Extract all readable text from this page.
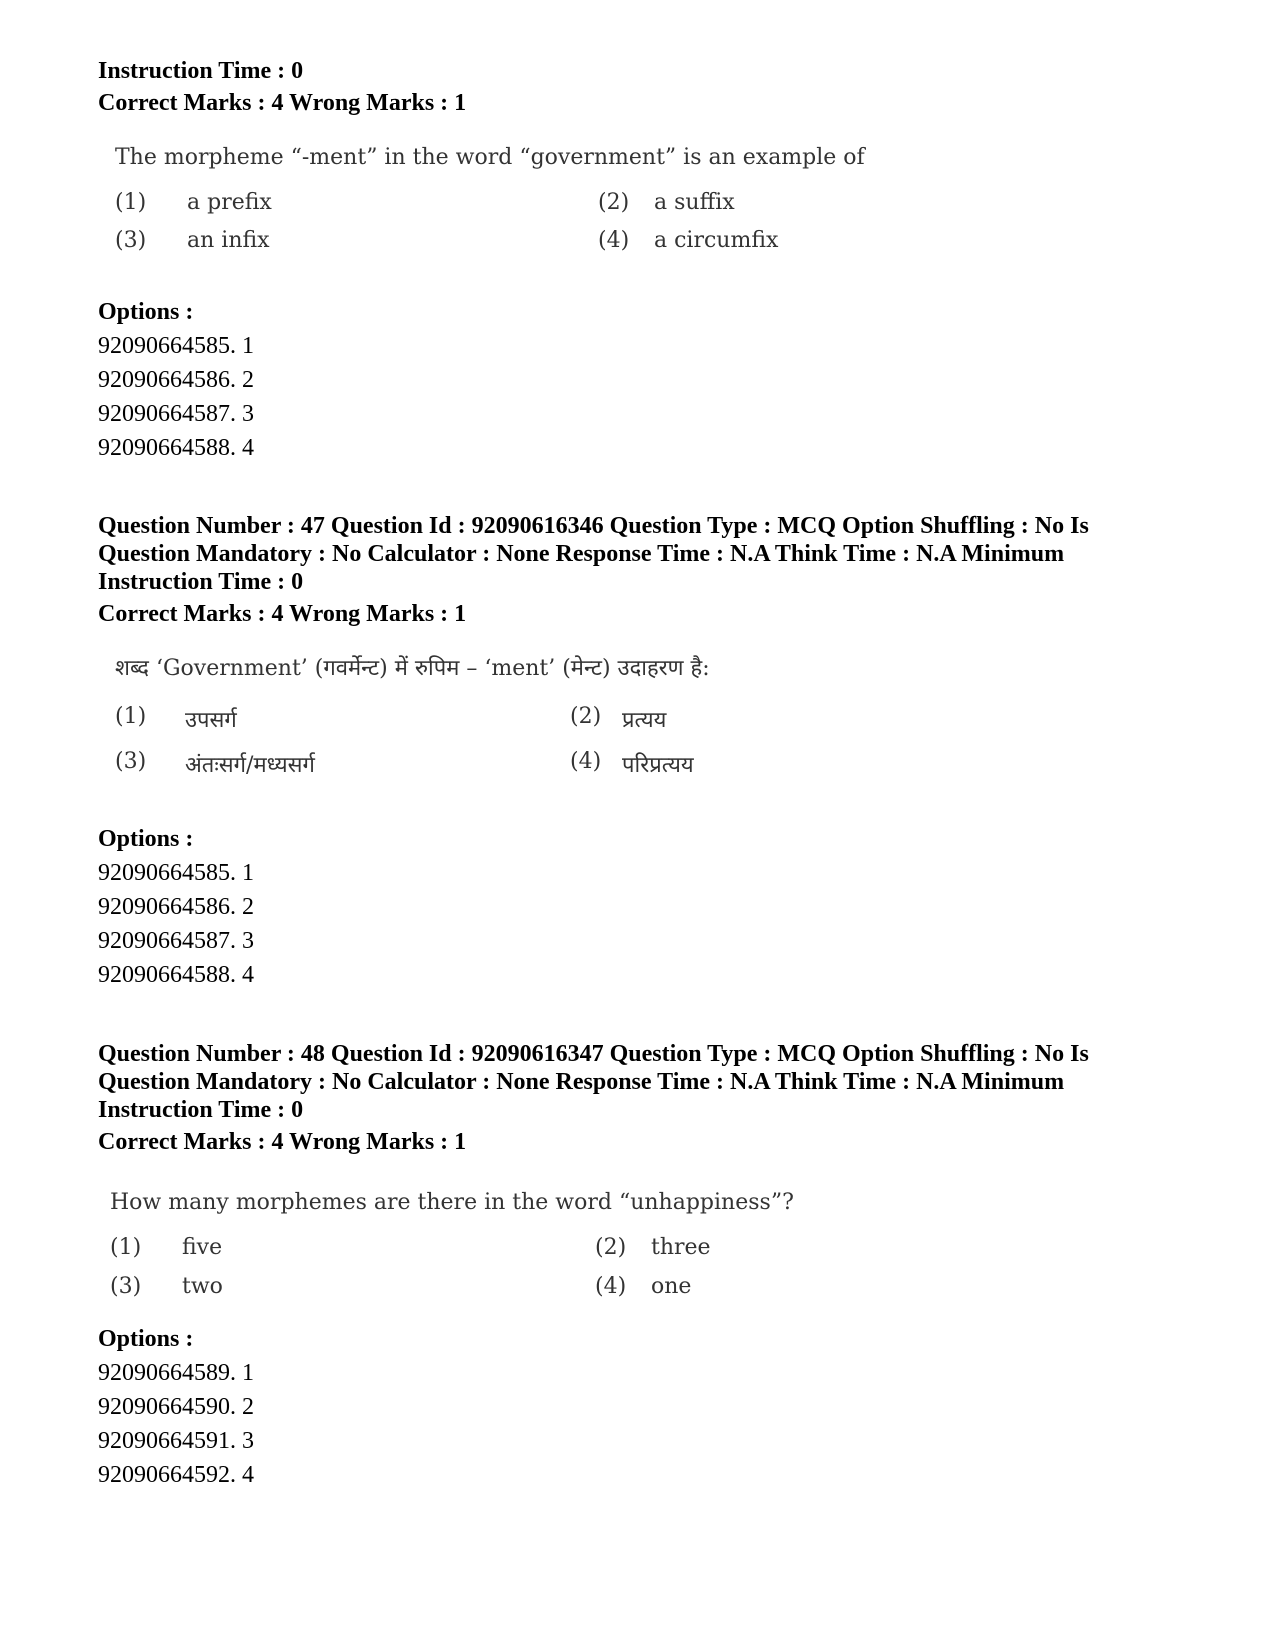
Instruction Time : 0
Correct Marks : 4 Wrong Marks : 1
The morpheme “-ment” in the word “government” is an example of
(1) a prefix	(2) a suffix
(3) an infix	(4) a circumfix
Options :
92090664585. 1
92090664586. 2
92090664587. 3
92090664588. 4
Question Number : 47 Question Id : 92090616346 Question Type : MCQ Option Shuffling : No Is
Question Mandatory : No Calculator : None Response Time : N.A Think Time : N.A Minimum
Instruction Time : 0
Correct Marks : 4 Wrong Marks : 1
शब्द ‘Government’ (गवर्मेन्ट) में रुपिम – ‘ment’ (मेन्ट) उदाहरण है:
(1) उपसर्ग	(2) प्रत्यय
(3) अंतःसर्ग/मध्यसर्ग	(4) परिप्रत्यय
Options :
92090664585. 1
92090664586. 2
92090664587. 3
92090664588. 4
Question Number : 48 Question Id : 92090616347 Question Type : MCQ Option Shuffling : No Is
Question Mandatory : No Calculator : None Response Time : N.A Think Time : N.A Minimum
Instruction Time : 0
Correct Marks : 4 Wrong Marks : 1
How many morphemes are there in the word “unhappiness”?
(1) five	(2) three
(3) two	(4) one
Options :
92090664589. 1
92090664590. 2
92090664591. 3
92090664592. 4
